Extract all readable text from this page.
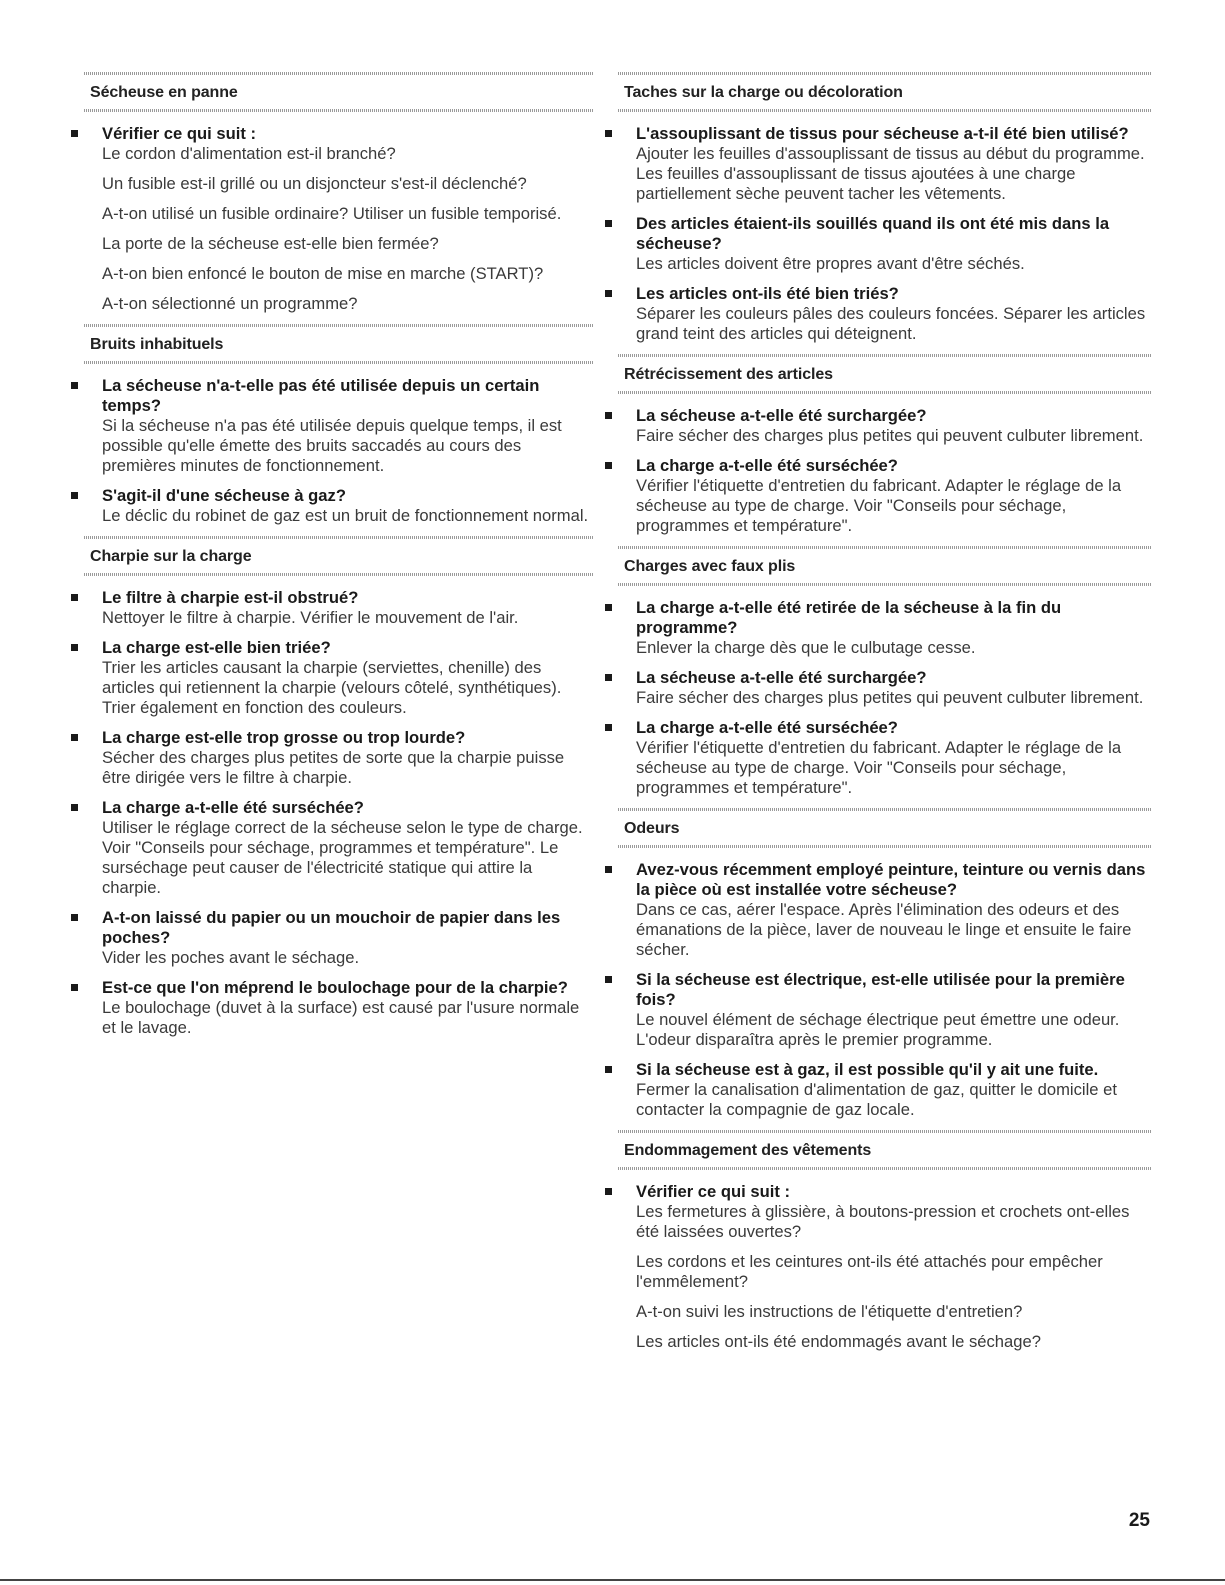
Sécheuse en panne
Vérifier ce qui suit :
Le cordon d'alimentation est-il branché?
Un fusible est-il grillé ou un disjoncteur s'est-il déclenché?
A-t-on utilisé un fusible ordinaire? Utiliser un fusible temporisé.
La porte de la sécheuse est-elle bien fermée?
A-t-on bien enfoncé le bouton de mise en marche (START)?
A-t-on sélectionné un programme?
Bruits inhabituels
La sécheuse n'a-t-elle pas été utilisée depuis un certain temps?
Si la sécheuse n'a pas été utilisée depuis quelque temps, il est possible qu'elle émette des bruits saccadés au cours des premières minutes de fonctionnement.
S'agit-il d'une sécheuse à gaz?
Le déclic du robinet de gaz est un bruit de fonctionnement normal.
Charpie sur la charge
Le filtre à charpie est-il obstrué?
Nettoyer le filtre à charpie. Vérifier le mouvement de l'air.
La charge est-elle bien triée?
Trier les articles causant la charpie (serviettes, chenille) des articles qui retiennent la charpie (velours côtelé, synthétiques). Trier également en fonction des couleurs.
La charge est-elle trop grosse ou trop lourde?
Sécher des charges plus petites de sorte que la charpie puisse être dirigée vers le filtre à charpie.
La charge a-t-elle été surséchée?
Utiliser le réglage correct de la sécheuse selon le type de charge. Voir "Conseils pour séchage, programmes et température". Le surséchage peut causer de l'électricité statique qui attire la charpie.
A-t-on laissé du papier ou un mouchoir de papier dans les poches?
Vider les poches avant le séchage.
Est-ce que l'on méprend le boulochage pour de la charpie?
Le boulochage (duvet à la surface) est causé par l'usure normale et le lavage.
Taches sur la charge ou décoloration
L'assouplissant de tissus pour sécheuse a-t-il été bien utilisé?
Ajouter les feuilles d'assouplissant de tissus au début du programme. Les feuilles d'assouplissant de tissus ajoutées à une charge partiellement sèche peuvent tacher les vêtements.
Des articles étaient-ils souillés quand ils ont été mis dans la sécheuse?
Les articles doivent être propres avant d'être séchés.
Les articles ont-ils été bien triés?
Séparer les couleurs pâles des couleurs foncées. Séparer les articles grand teint des articles qui déteignent.
Rétrécissement des articles
La sécheuse a-t-elle été surchargée?
Faire sécher des charges plus petites qui peuvent culbuter librement.
La charge a-t-elle été surséchée?
Vérifier l'étiquette d'entretien du fabricant. Adapter le réglage de la sécheuse au type de charge. Voir "Conseils pour séchage, programmes et température".
Charges avec faux plis
La charge a-t-elle été retirée de la sécheuse à la fin du programme?
Enlever la charge dès que le culbutage cesse.
La sécheuse a-t-elle été surchargée?
Faire sécher des charges plus petites qui peuvent culbuter librement.
La charge a-t-elle été surséchée?
Vérifier l'étiquette d'entretien du fabricant. Adapter le réglage de la sécheuse au type de charge. Voir "Conseils pour séchage, programmes et température".
Odeurs
Avez-vous récemment employé peinture, teinture ou vernis dans la pièce où est installée votre sécheuse?
Dans ce cas, aérer l'espace. Après l'élimination des odeurs et des émanations de la pièce, laver de nouveau le linge et ensuite le faire sécher.
Si la sécheuse est électrique, est-elle utilisée pour la première fois?
Le nouvel élément de séchage électrique peut émettre une odeur. L'odeur disparaîtra après le premier programme.
Si la sécheuse est à gaz, il est possible qu'il y ait une fuite.
Fermer la canalisation d'alimentation de gaz, quitter le domicile et contacter la compagnie de gaz locale.
Endommagement des vêtements
Vérifier ce qui suit :
Les fermetures à glissière, à boutons-pression et crochets ont-elles été laissées ouvertes?
Les cordons et les ceintures ont-ils été attachés pour empêcher l'emmêlement?
A-t-on suivi les instructions de l'étiquette d'entretien?
Les articles ont-ils été endommagés avant le séchage?
25
